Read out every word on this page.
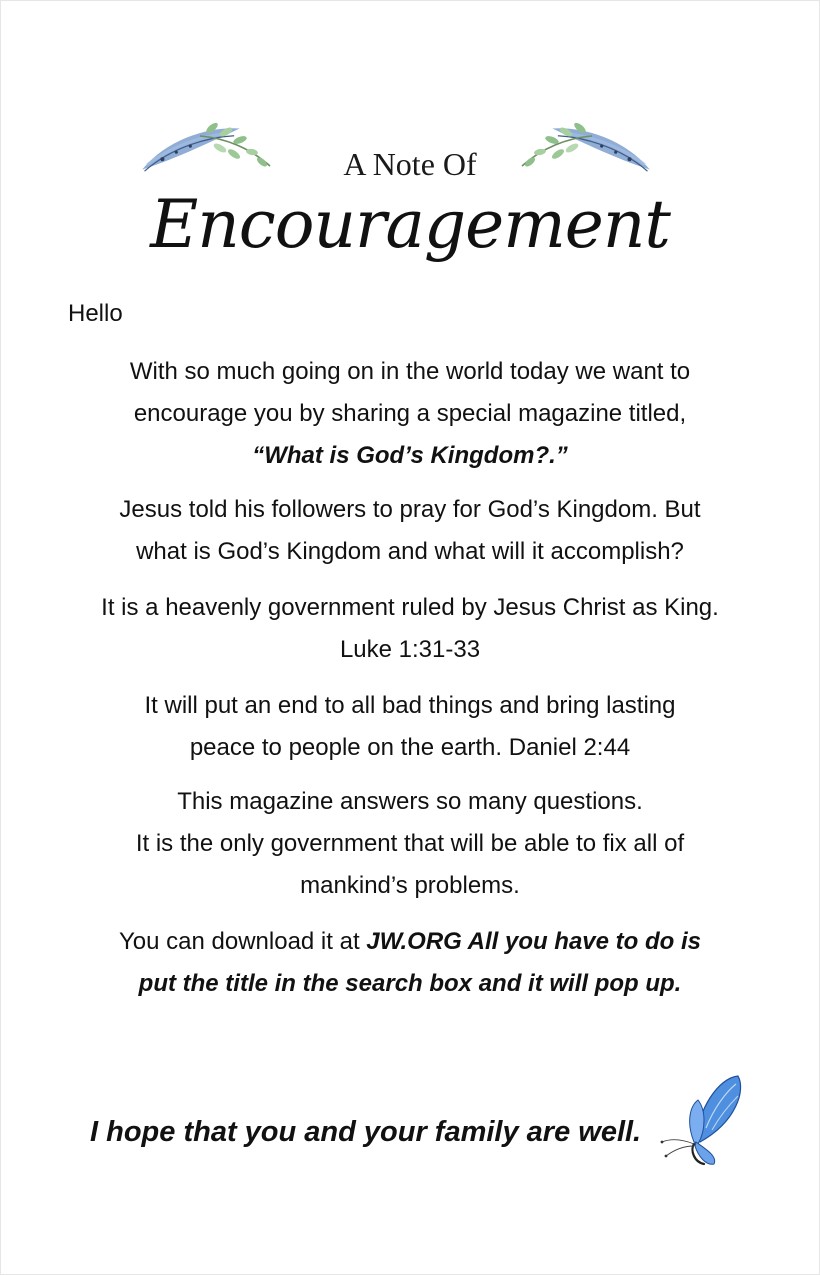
A Note Of
Encouragement
Hello
With so much going on in the world today we want to
encourage you by sharing a special magazine titled,
“What is God’s Kingdom?.”
Jesus told his followers to pray for God’s Kingdom. But
what is God’s Kingdom and what will it accomplish?
It is a heavenly government ruled by Jesus Christ as King.
Luke 1:31-33
It will put an end to all bad things and bring lasting
peace to people on the earth. Daniel 2:44
This magazine answers so many questions.
It is the only government that will be able to fix all of
mankind’s problems.
You can download it at JW.ORG All you have to do is
put the title in the search box and it will pop up.
I hope that you and your family are well.
